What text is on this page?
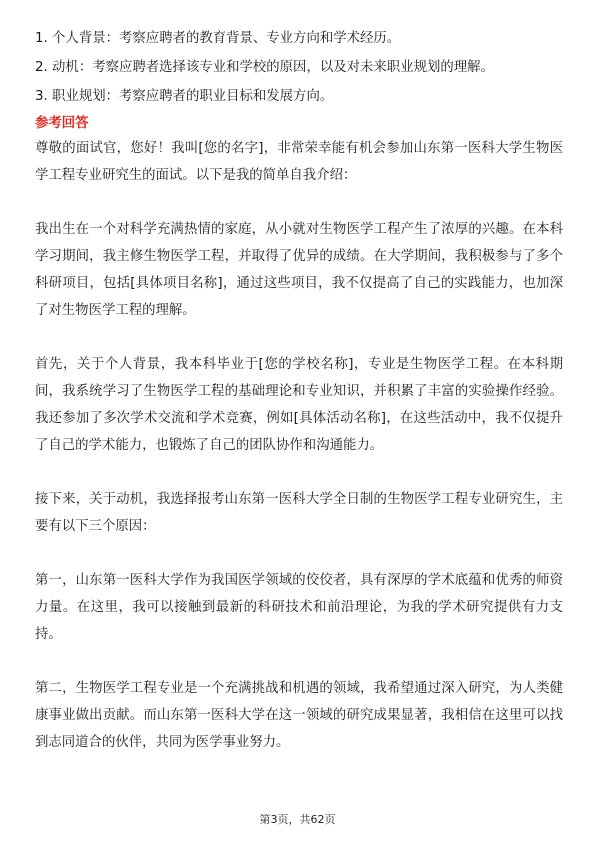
1. 个人背景：考察应聘者的教育背景、专业方向和学术经历。

2. 动机：考察应聘者选择该专业和学校的原因，以及对未来职业规划的理解。

3. 职业规划：考察应聘者的职业目标和发展方向。

参考回答

尊敬的面试官，您好！我叫[您的名字]，非常荣幸能有机会参加山东第一医科大学生物医学工程专业研究生的面试。以下是我的简单自我介绍：

我出生在一个对科学充满热情的家庭，从小就对生物医学工程产生了浓厚的兴趣。在本科学习期间，我主修生物医学工程，并取得了优异的成绩。在大学期间，我积极参与了多个科研项目，包括[具体项目名称]，通过这些项目，我不仅提高了自己的实践能力，也加深了对生物医学工程的理解。

首先，关于个人背景，我本科毕业于[您的学校名称]，专业是生物医学工程。在本科期间，我系统学习了生物医学工程的基础理论和专业知识，并积累了丰富的实验操作经验。我还参加了多次学术交流和学术竞赛，例如[具体活动名称]，在这些活动中，我不仅提升了自己的学术能力，也锻炼了自己的团队协作和沟通能力。

接下来，关于动机，我选择报考山东第一医科大学全日制的生物医学工程专业研究生，主要有以下三个原因：

第一，山东第一医科大学作为我国医学领域的佼佼者，具有深厚的学术底蕴和优秀的师资力量。在这里，我可以接触到最新的科研技术和前沿理论，为我的学术研究提供有力支持。

第二，生物医学工程专业是一个充满挑战和机遇的领域，我希望通过深入研究，为人类健康事业做出贡献。而山东第一医科大学在这一领域的研究成果显著，我相信在这里可以找到志同道合的伙伴，共同为医学事业努力。

第3页，共62页
